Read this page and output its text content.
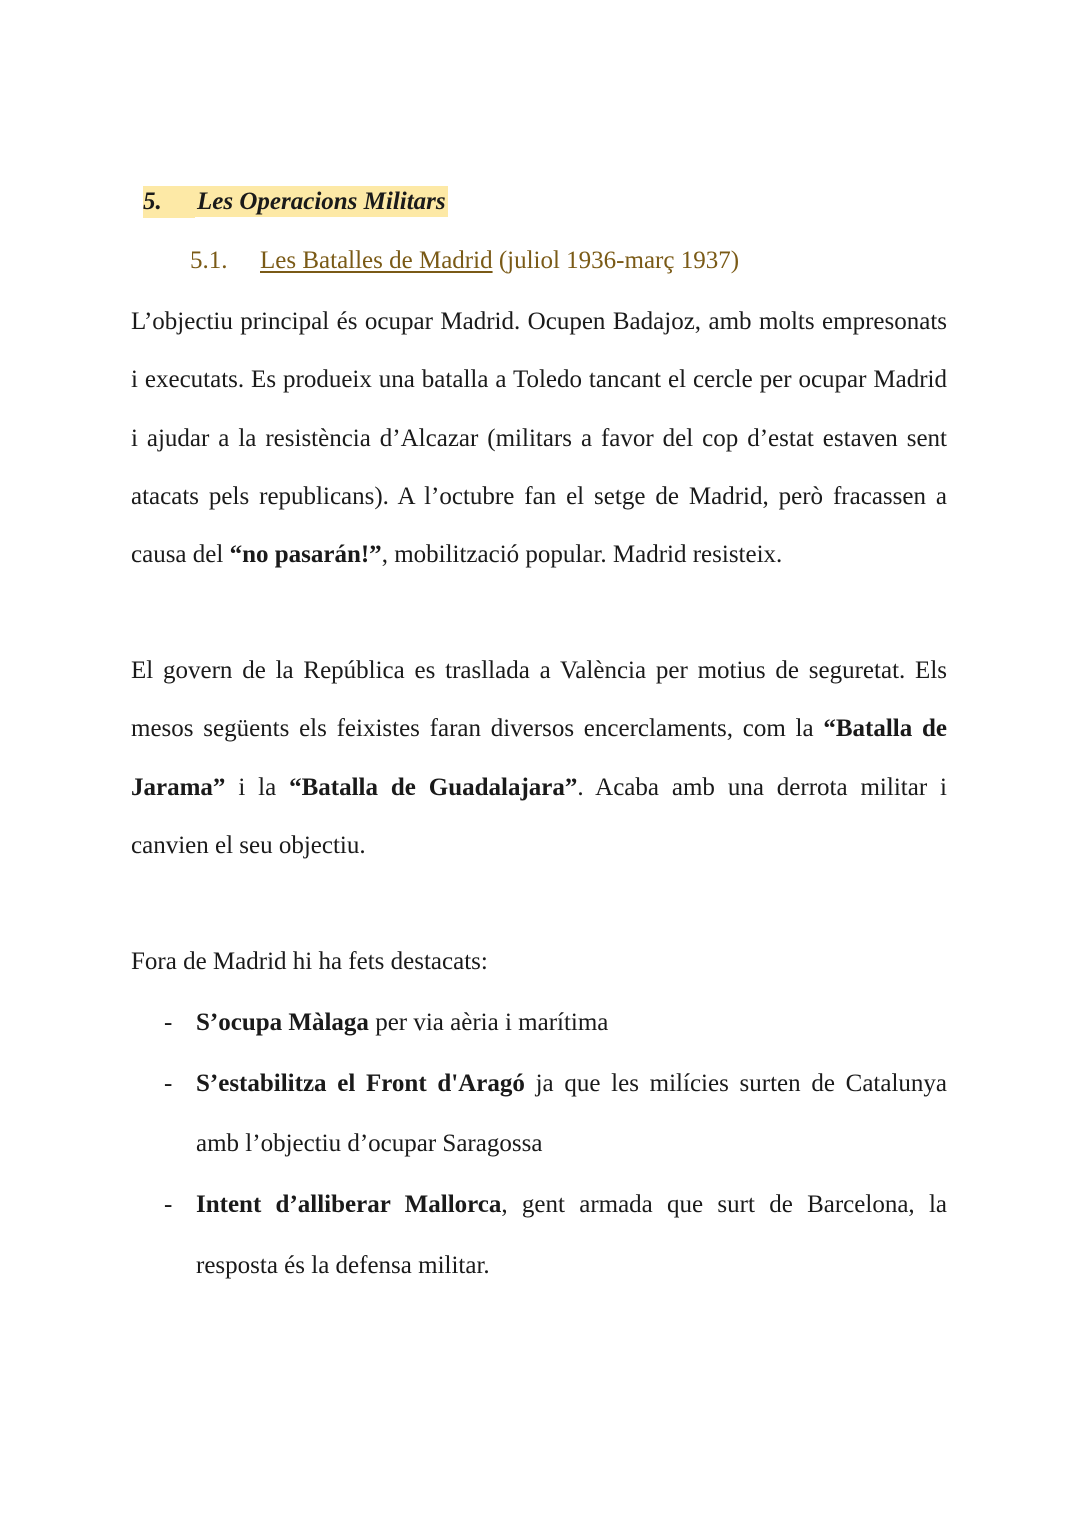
5. Les Operacions Militars
5.1. Les Batalles de Madrid (juliol 1936-març 1937)

L’objectiu principal és ocupar Madrid. Ocupen Badajoz, amb molts empresonats i executats. Es produeix una batalla a Toledo tancant el cercle per ocupar Madrid i ajudar a la resistència d’Alcazar (militars a favor del cop d’estat estaven sent atacats pels republicans). A l’octubre fan el setge de Madrid, però fracassen a causa del “no pasarán!”, mobilització popular. Madrid resisteix.

El govern de la República es trasllada a València per motius de seguretat. Els mesos següents els feixistes faran diversos encerclaments, com la “Batalla de Jarama” i la “Batalla de Guadalajara”. Acaba amb una derrota militar i canvien el seu objectiu.

Fora de Madrid hi ha fets destacats:

- S’ocupa Màlaga per via aèria i marítima
- S’estabilitza el Front d'Aragó ja que les milícies surten de Catalunya amb l’objectiu d’ocupar Saragossa
- Intent d’alliberar Mallorca, gent armada que surt de Barcelona, la resposta és la defensa militar.
